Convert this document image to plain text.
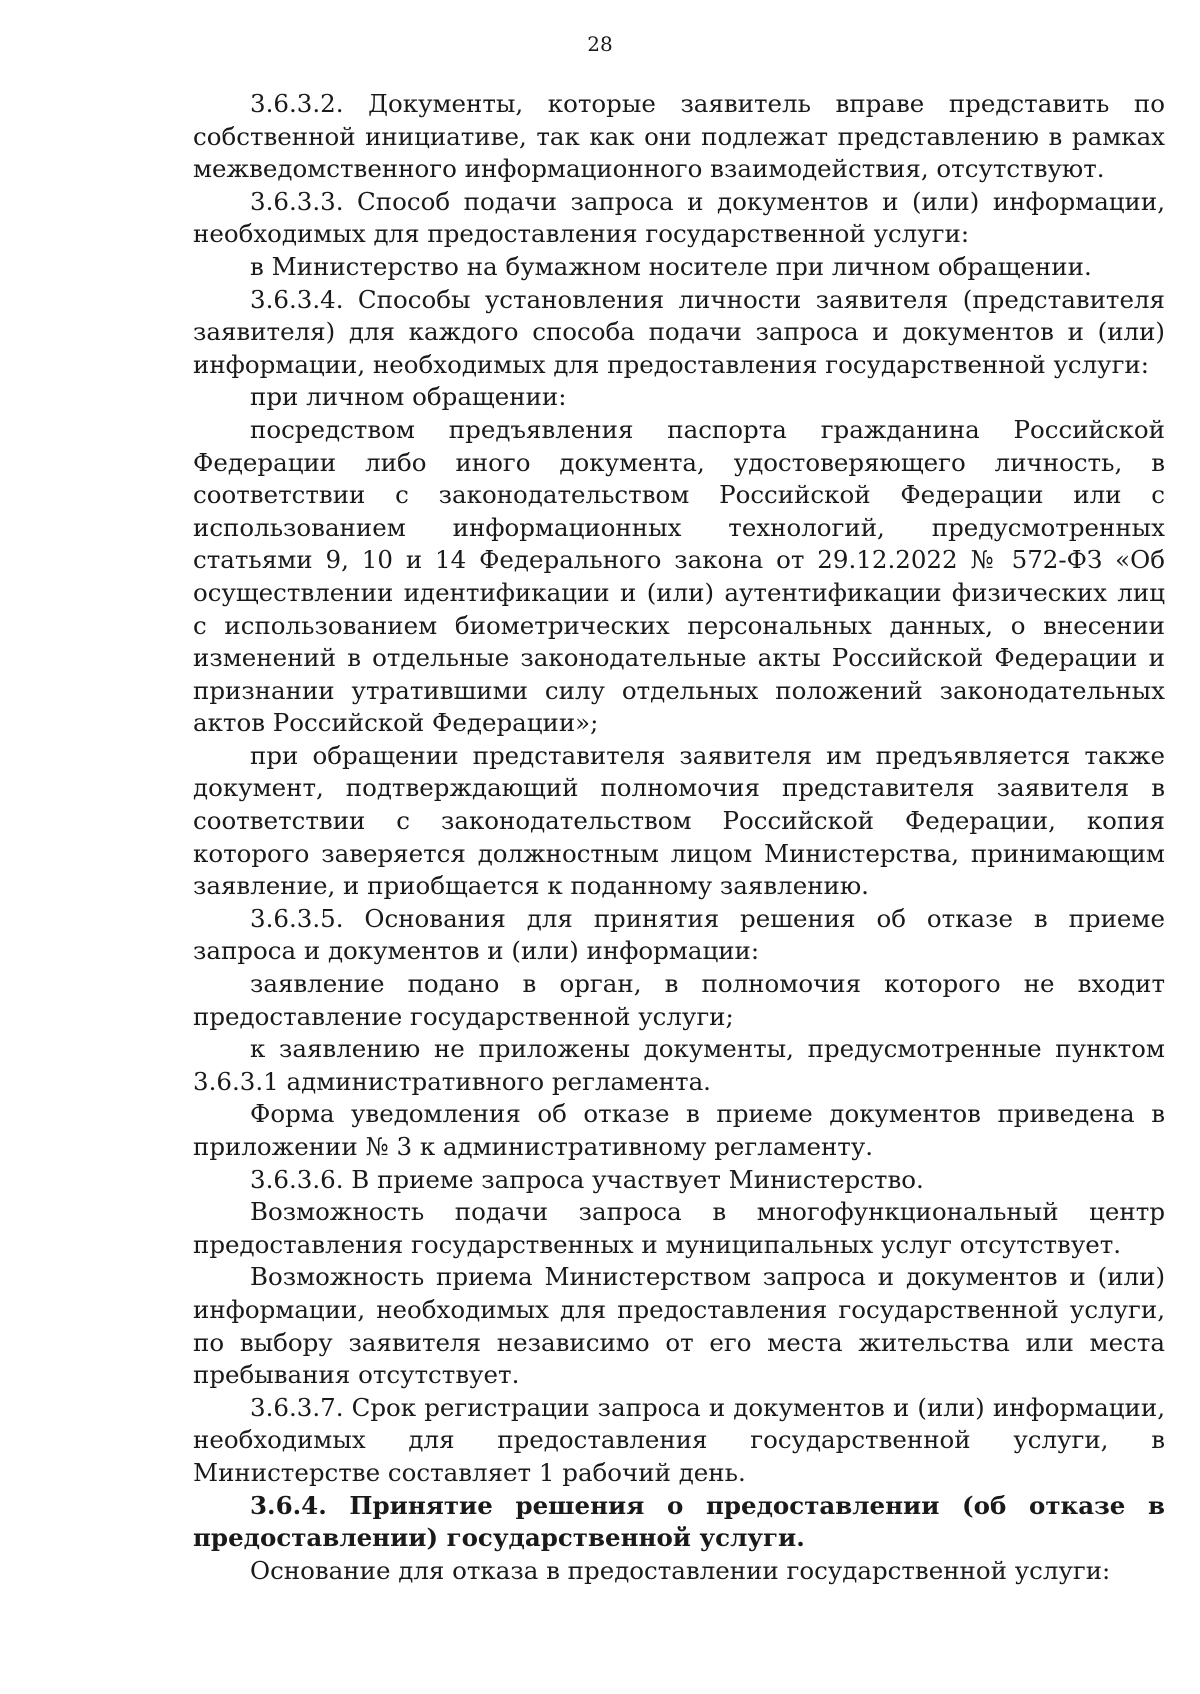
28

3.6.3.2. Документы, которые заявитель вправе представить по собственной инициативе, так как они подлежат представлению в рамках межведомственного информационного взаимодействия, отсутствуют.

3.6.3.3. Способ подачи запроса и документов и (или) информации, необходимых для предоставления государственной услуги:

в Министерство на бумажном носителе при личном обращении.

3.6.3.4. Способы установления личности заявителя (представителя заявителя) для каждого способа подачи запроса и документов и (или) информации, необходимых для предоставления государственной услуги:

при личном обращении:

посредством предъявления паспорта гражданина Российской Федерации либо иного документа, удостоверяющего личность, в соответствии с законодательством Российской Федерации или с использованием информационных технологий, предусмотренных статьями 9, 10 и 14 Федерального закона от 29.12.2022 № 572-ФЗ «Об осуществлении идентификации и (или) аутентификации физических лиц с использованием биометрических персональных данных, о внесении изменений в отдельные законодательные акты Российской Федерации и признании утратившими силу отдельных положений законодательных актов Российской Федерации»;

при обращении представителя заявителя им предъявляется также документ, подтверждающий полномочия представителя заявителя в соответствии с законодательством Российской Федерации, копия которого заверяется должностным лицом Министерства, принимающим заявление, и приобщается к поданному заявлению.

3.6.3.5. Основания для принятия решения об отказе в приеме запроса и документов и (или) информации:

заявление подано в орган, в полномочия которого не входит предоставление государственной услуги;

к заявлению не приложены документы, предусмотренные пунктом 3.6.3.1 административного регламента.

Форма уведомления об отказе в приеме документов приведена в приложении № 3 к административному регламенту.

3.6.3.6. В приеме запроса участвует Министерство.

Возможность подачи запроса в многофункциональный центр предоставления государственных и муниципальных услуг отсутствует.

Возможность приема Министерством запроса и документов и (или) информации, необходимых для предоставления государственной услуги, по выбору заявителя независимо от его места жительства или места пребывания отсутствует.

3.6.3.7. Срок регистрации запроса и документов и (или) информации, необходимых для предоставления государственной услуги, в Министерстве составляет 1 рабочий день.

3.6.4. Принятие решения о предоставлении (об отказе в предоставлении) государственной услуги.

Основание для отказа в предоставлении государственной услуги:
